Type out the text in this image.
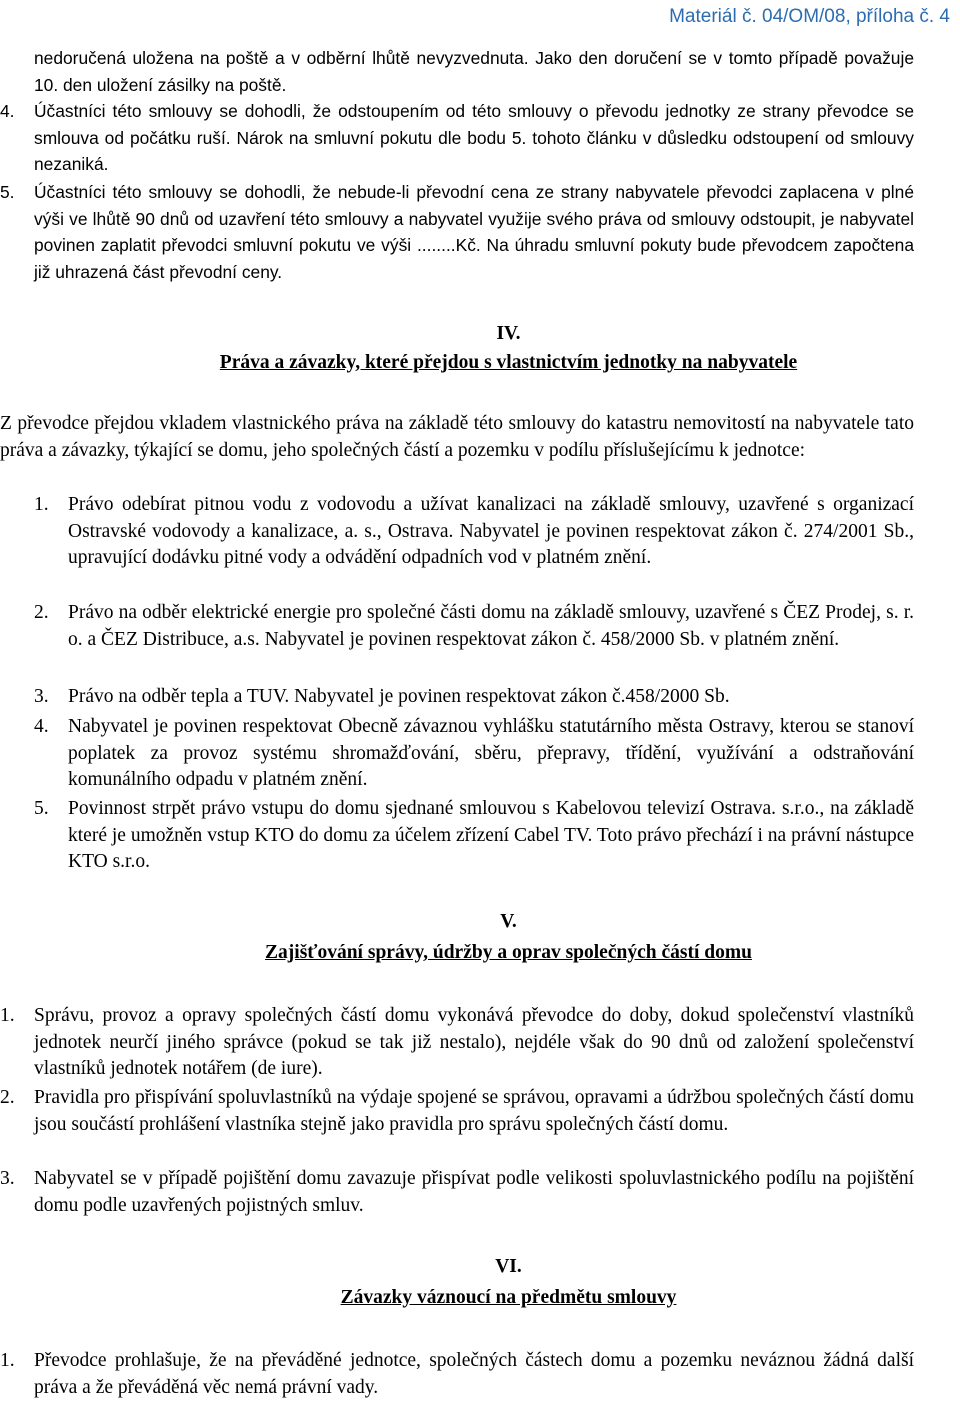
Materiál č. 04/OM/08, příloha č. 4

nedoručená uložena na poště a v odběrní lhůtě nevyzvednuta. Jako den doručení se v tomto případě považuje 10. den uložení zásilky na poště.

4. Účastníci této smlouvy se dohodli, že odstoupením od této smlouvy o převodu jednotky ze strany převodce se smlouva od počátku ruší. Nárok na smluvní pokutu dle bodu 5. tohoto článku v důsledku odstoupení od smlouvy nezaniká.

5. Účastníci této smlouvy se dohodli, že nebude-li převodní cena ze strany nabyvatele převodci zaplacena v plné výši ve lhůtě 90 dnů od uzavření této smlouvy a nabyvatel využije svého práva od smlouvy odstoupit, je nabyvatel povinen zaplatit převodci smluvní pokutu ve výši ........Kč. Na úhradu smluvní pokuty bude převodcem započtena již uhrazená část převodní ceny.

IV.
Práva a závazky, které přejdou s vlastnictvím jednotky na nabyvatele

Z převodce přejdou vkladem vlastnického práva na základě této smlouvy do katastru nemovitostí na nabyvatele tato práva a závazky, týkající se domu, jeho společných částí a pozemku v podílu příslušejícímu k jednotce:

1. Právo odebírat pitnou vodu z vodovodu a užívat kanalizaci na základě smlouvy, uzavřené s organizací Ostravské vodovody a kanalizace, a. s., Ostrava. Nabyvatel je povinen respektovat zákon č. 274/2001 Sb., upravující dodávku pitné vody a odvádění odpadních vod v platném znění.

2. Právo na odběr elektrické energie pro společné části domu na základě smlouvy, uzavřené s ČEZ Prodej, s. r. o. a ČEZ Distribuce, a.s. Nabyvatel je povinen respektovat zákon č. 458/2000 Sb. v platném znění.

3. Právo na odběr tepla a TUV. Nabyvatel je povinen respektovat zákon č.458/2000 Sb.

4. Nabyvatel je povinen respektovat Obecně závaznou vyhlášku statutárního města Ostravy, kterou se stanoví poplatek za provoz systému shromažďování, sběru, přepravy, třídění, využívání a odstraňování komunálního odpadu v platném znění.

5. Povinnost strpět právo vstupu do domu sjednané smlouvou s Kabelovou televizí Ostrava. s.r.o., na základě které je umožněn vstup KTO do domu za účelem zřízení Cabel TV. Toto právo přechází i na právní nástupce KTO s.r.o.

V.
Zajišťování správy, údržby a oprav společných částí domu
1. Správu, provoz a opravy společných částí domu vykonává převodce do doby, dokud společenství vlastníků jednotek neurčí jiného správce (pokud se tak již nestalo), nejdéle však do 90 dnů od založení společenství vlastníků jednotek notářem (de iure).

2. Pravidla pro přispívání spoluvlastníků na výdaje spojené se správou, opravami a údržbou společných částí domu jsou součástí prohlášení vlastníka stejně jako pravidla pro správu společných částí domu.

3. Nabyvatel se v případě pojištění domu zavazuje přispívat podle velikosti spoluvlastnického podílu na pojištění domu podle uzavřených pojistných smluv.

VI.
Závazky váznoucí na předmětu smlouvy
1. Převodce prohlašuje, že na převáděné jednotce, společných částech domu a pozemku neváznou žádná další práva a že převáděná věc nemá právní vady.
